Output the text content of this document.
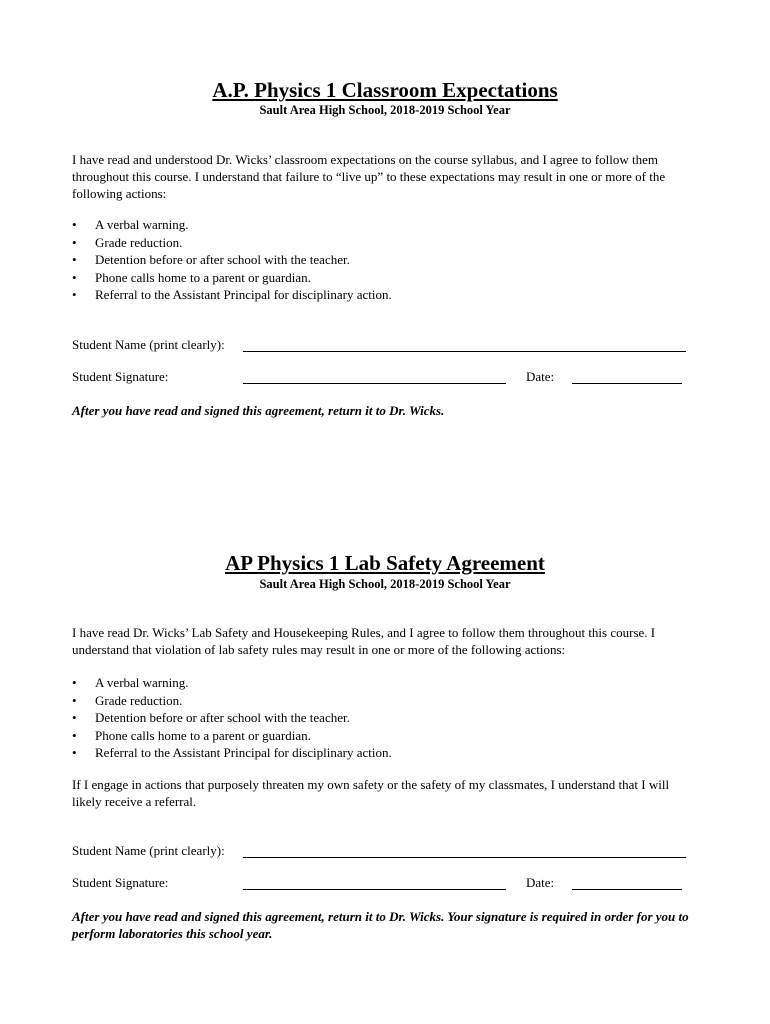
A.P. Physics 1 Classroom Expectations
Sault Area High School, 2018-2019 School Year
I have read and understood Dr. Wicks’ classroom expectations on the course syllabus, and I agree to follow them throughout this course. I understand that failure to “live up” to these expectations may result in one or more of the following actions:
• A verbal warning.
• Grade reduction.
• Detention before or after school with the teacher.
• Phone calls home to a parent or guardian.
• Referral to the Assistant Principal for disciplinary action.
Student Name (print clearly):
Student Signature:	Date:
After you have read and signed this agreement, return it to Dr. Wicks.
AP Physics 1 Lab Safety Agreement
Sault Area High School, 2018-2019 School Year
I have read Dr. Wicks’ Lab Safety and Housekeeping Rules, and I agree to follow them throughout this course. I understand that violation of lab safety rules may result in one or more of the following actions:
• A verbal warning.
• Grade reduction.
• Detention before or after school with the teacher.
• Phone calls home to a parent or guardian.
• Referral to the Assistant Principal for disciplinary action.
If I engage in actions that purposely threaten my own safety or the safety of my classmates, I understand that I will likely receive a referral.
Student Name (print clearly):
Student Signature:	Date:
After you have read and signed this agreement, return it to Dr. Wicks. Your signature is required in order for you to perform laboratories this school year.
